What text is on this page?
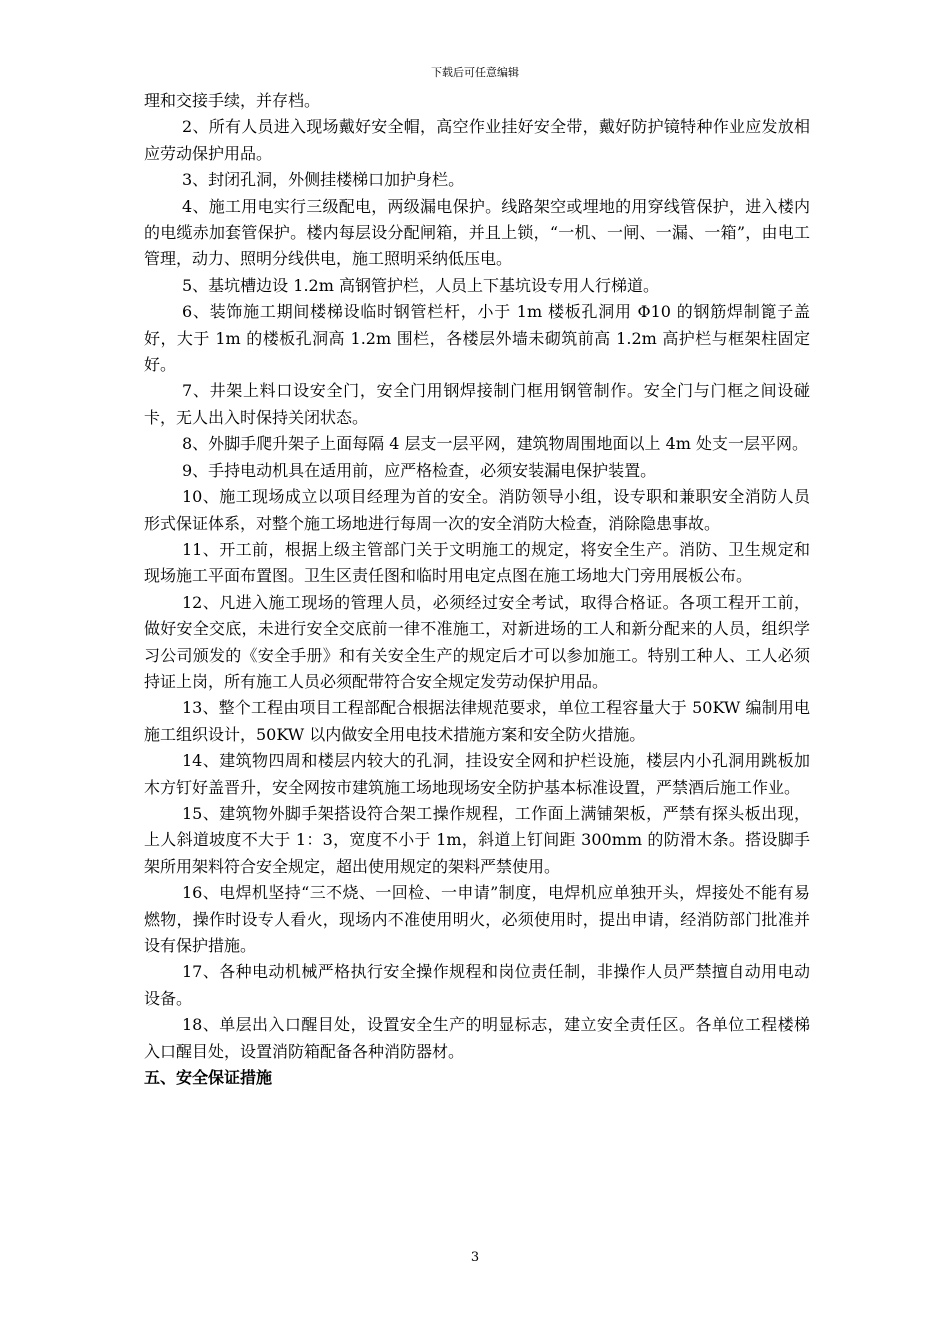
下载后可任意编辑

理和交接手续，并存档。

2、所有人员进入现场戴好安全帽，高空作业挂好安全带，戴好防护镜特种作业应发放相应劳动保护用品。

3、封闭孔洞，外侧挂楼梯口加护身栏。

4、施工用电实行三级配电，两级漏电保护。线路架空或埋地的用穿线管保护，进入楼内的电缆赤加套管保护。楼内每层设分配闸箱，并且上锁，“一机、一闸、一漏、一箱”，由电工管理，动力、照明分线供电，施工照明采纳低压电。

5、基坑槽边设 1.2m 高钢管护栏，人员上下基坑设专用人行梯道。

6、装饰施工期间楼梯设临时钢管栏杆，小于 1m 楼板孔洞用 Φ10 的钢筋焊制篦子盖好，大于 1m 的楼板孔洞高 1.2m 围栏，各楼层外墙未砌筑前高 1.2m 高护栏与框架柱固定好。

7、井架上料口设安全门，安全门用钢焊接制门框用钢管制作。安全门与门框之间设碰卡，无人出入时保持关闭状态。

8、外脚手爬升架子上面每隔 4 层支一层平网，建筑物周围地面以上 4m 处支一层平网。

9、手持电动机具在适用前，应严格检查，必须安装漏电保护装置。

10、施工现场成立以项目经理为首的安全。消防领导小组，设专职和兼职安全消防人员形式保证体系，对整个施工场地进行每周一次的安全消防大检查，消除隐患事故。

11、开工前，根据上级主管部门关于文明施工的规定，将安全生产。消防、卫生规定和现场施工平面布置图。卫生区责任图和临时用电定点图在施工场地大门旁用展板公布。

12、凡进入施工现场的管理人员，必须经过安全考试，取得合格证。各项工程开工前，做好安全交底，未进行安全交底前一律不准施工，对新进场的工人和新分配来的人员，组织学习公司颁发的《安全手册》和有关安全生产的规定后才可以参加施工。特别工种人、工人必须持证上岗，所有施工人员必须配带符合安全规定发劳动保护用品。

13、整个工程由项目工程部配合根据法律规范要求，单位工程容量大于 50KW 编制用电施工组织设计，50KW 以内做安全用电技术措施方案和安全防火措施。

14、建筑物四周和楼层内较大的孔洞，挂设安全网和护栏设施，楼层内小孔洞用跳板加木方钉好盖晋升，安全网按市建筑施工场地现场安全防护基本标准设置，严禁酒后施工作业。

15、建筑物外脚手架搭设符合架工操作规程，工作面上满铺架板，严禁有探头板出现，上人斜道坡度不大于 1：3，宽度不小于 1m，斜道上钉间距 300mm 的防滑木条。搭设脚手架所用架料符合安全规定，超出使用规定的架料严禁使用。

16、电焊机坚持“三不烧、一回检、一申请”制度，电焊机应单独开头，焊接处不能有易燃物，操作时设专人看火，现场内不准使用明火，必须使用时，提出申请，经消防部门批准并设有保护措施。

17、各种电动机械严格执行安全操作规程和岗位责任制，非操作人员严禁擅自动用电动设备。

18、单层出入口醒目处，设置安全生产的明显标志，建立安全责任区。各单位工程楼梯入口醒目处，设置消防箱配备各种消防器材。

五、安全保证措施
3
